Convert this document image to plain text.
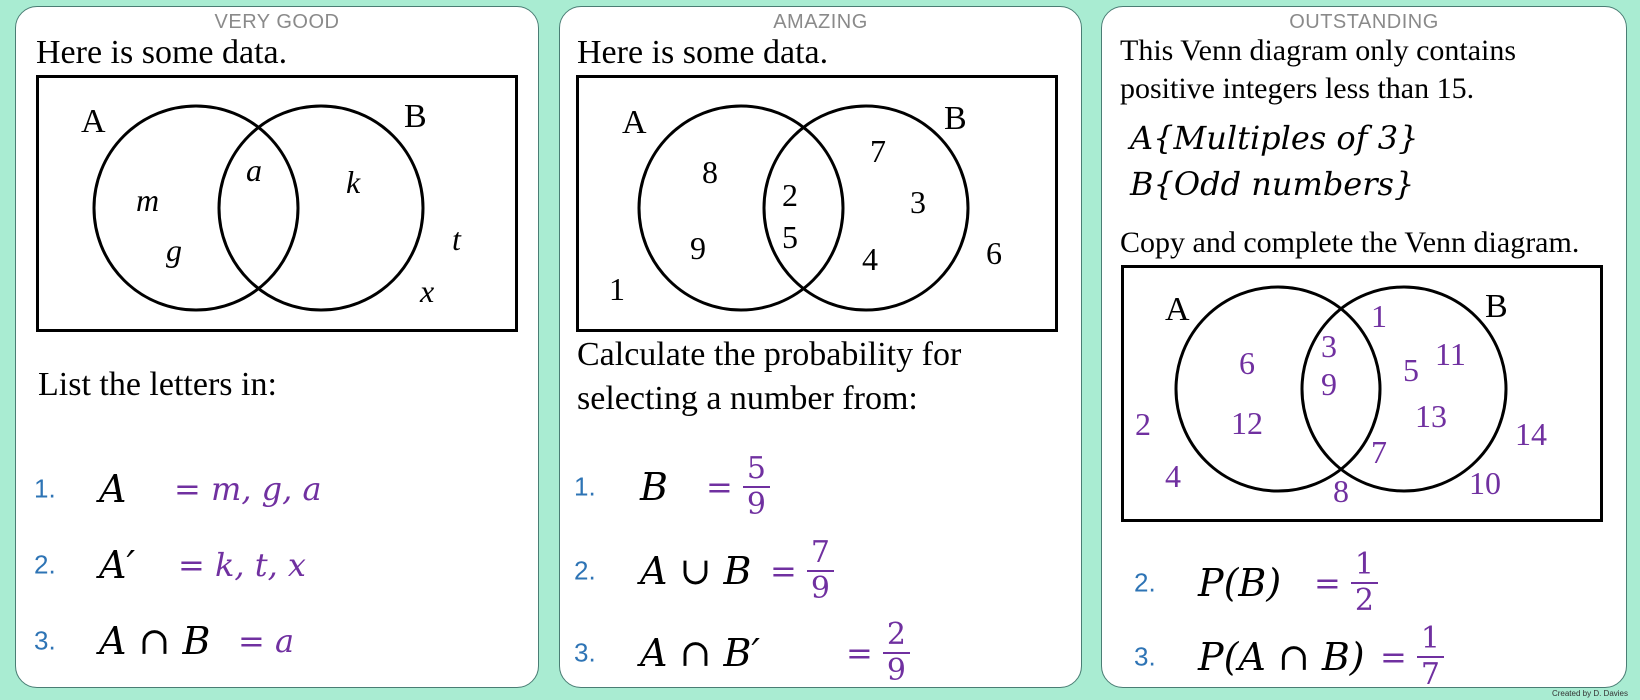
VERY GOOD

Here is some data.

A	B
m
g
a	k
t
x

List the letters in:

1. A = m, g, a
2. A′ = k, t, x
3. A ∩ B = a

AMAZING

Here is some data.

A	B
8
9
2
5
7
3
4	6
1

Calculate the probability for

selecting a number from:

1. $B = \frac{5}{9}$
2. A ∪ $B = \frac{7}{9}$
3. A ∩ B′	= $\frac{2}{9}$

OUTSTANDING

This Venn diagram only contains

positive integers less than 15.

A{Multiples of 3}

B{Odd numbers}

Copy and complete the Venn diagram.

A	B
6
12
3
9
1
5 11
13
7
2
4	8
14
10
2. $P(B) = \frac{1}{2}$
3. P(A ∩ $B) = \frac{1}{7}$
Created by D. Davies
